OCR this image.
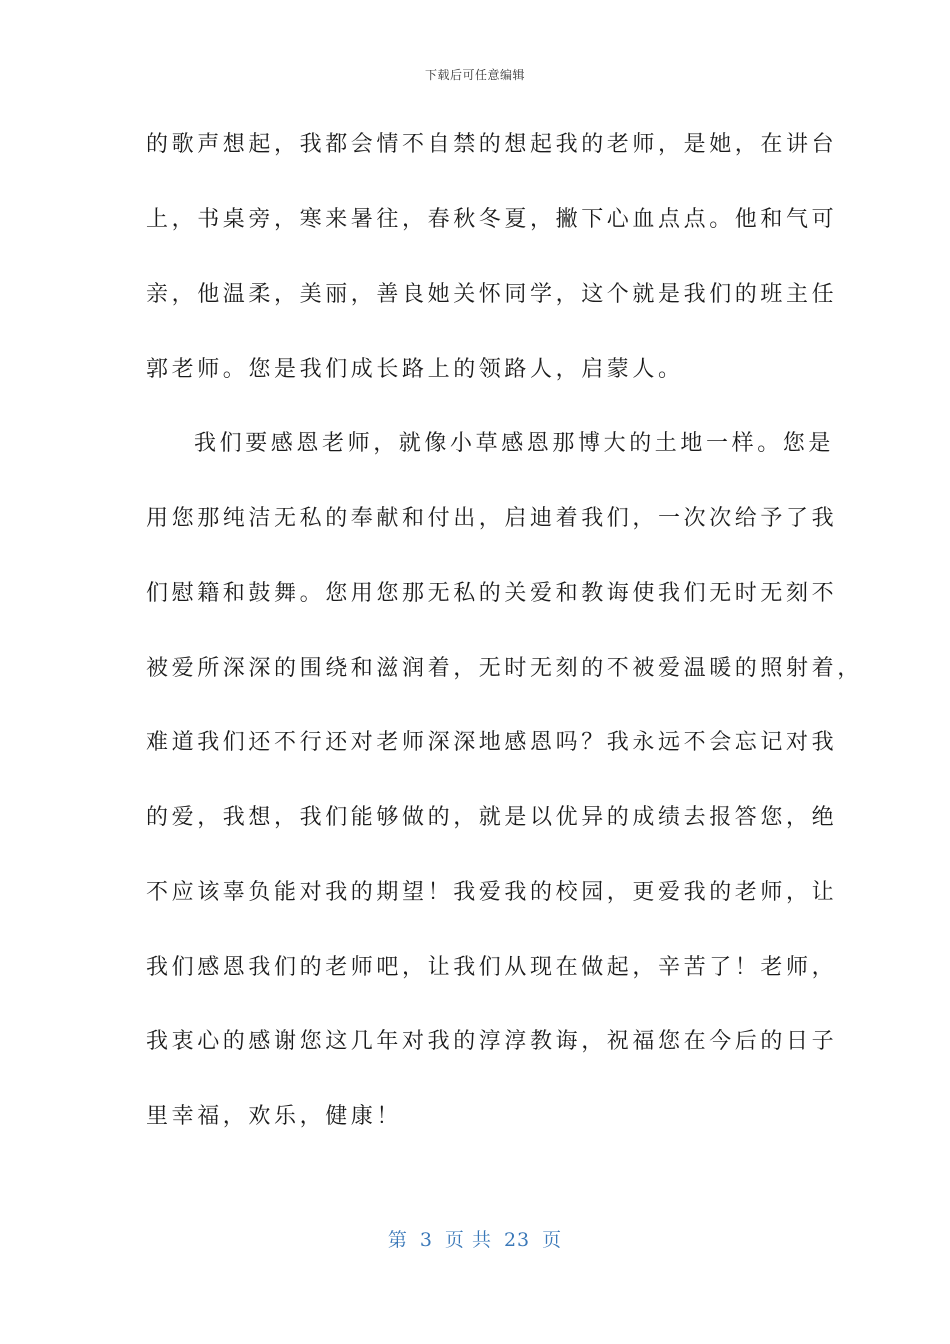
下载后可任意编辑
的歌声想起，我都会情不自禁的想起我的老师，是她，在讲台
上，书桌旁，寒来暑往，春秋冬夏，撇下心血点点。他和气可
亲，他温柔，美丽，善良她关怀同学，这个就是我们的班主任
郭老师。您是我们成长路上的领路人，启蒙人。
我们要感恩老师，就像小草感恩那博大的土地一样。您是
用您那纯洁无私的奉献和付出，启迪着我们，一次次给予了我
们慰籍和鼓舞。您用您那无私的关爱和教诲使我们无时无刻不
被爱所深深的围绕和滋润着，无时无刻的不被爱温暖的照射着，
难道我们还不行还对老师深深地感恩吗？我永远不会忘记对我
的爱，我想，我们能够做的，就是以优异的成绩去报答您，绝
不应该辜负能对我的期望！我爱我的校园，更爱我的老师，让
我们感恩我们的老师吧，让我们从现在做起，辛苦了！老师，
我衷心的感谢您这几年对我的淳淳教诲，祝福您在今后的日子
里幸福，欢乐，健康！
第 3 页 共 23 页
